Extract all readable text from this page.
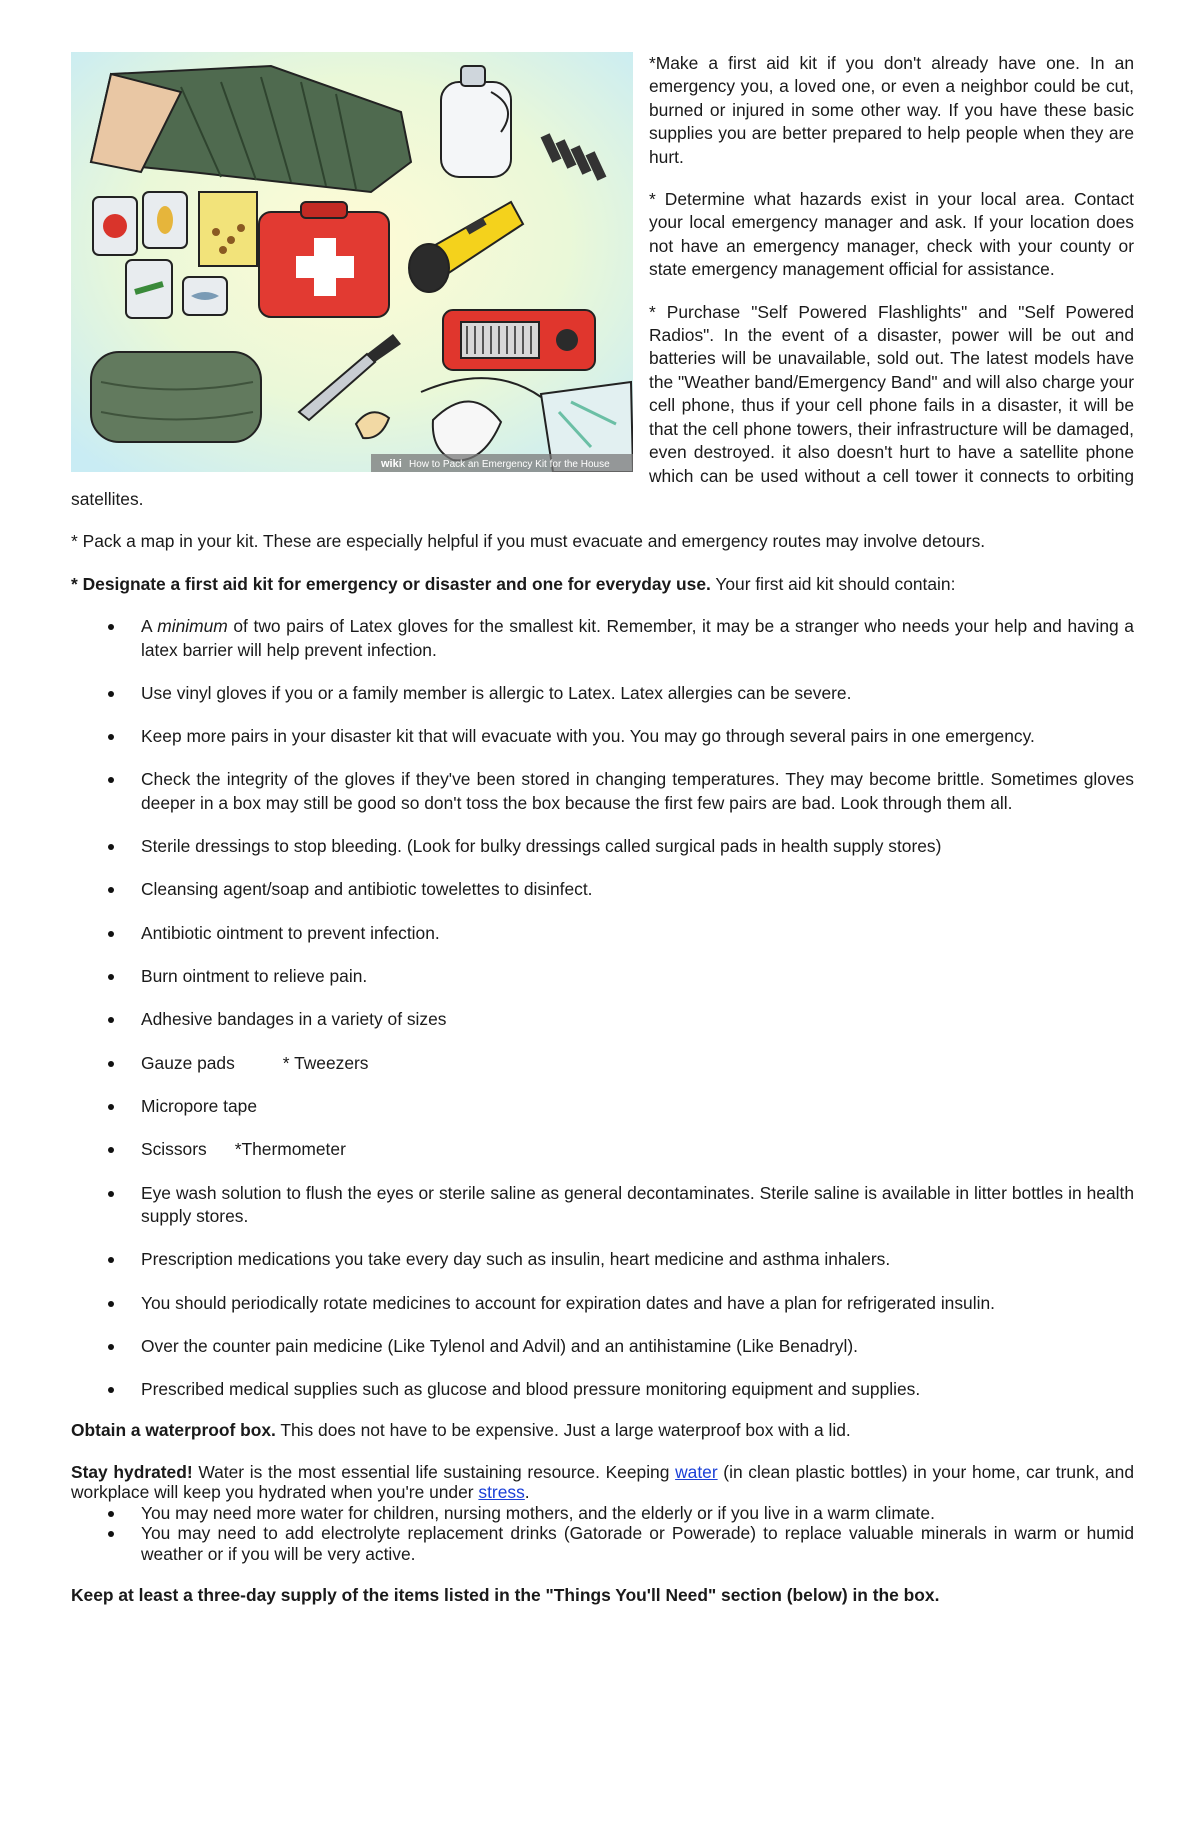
wiki How to Pack an Emergency Kit for the House

*Make a first aid kit if you don't already have one. In an emergency you, a loved one, or even a neighbor could be cut, burned or injured in some other way. If you have these basic supplies you are better prepared to help people when they are hurt.

* Determine what hazards exist in your local area. Contact your local emergency manager and ask. If your location does not have an emergency manager, check with your county or state emergency management official for assistance.

* Purchase "Self Powered Flashlights" and "Self Powered Radios". In the event of a disaster, power will be out and batteries will be unavailable, sold out. The latest models have the "Weather band/Emergency Band" and will also charge your cell phone, thus if your cell phone fails in a disaster, it will be that the cell phone towers, their infrastructure will be damaged, even destroyed. it also doesn't hurt to have a satellite phone which can be used without a cell tower it connects to orbiting satellites.

* Pack a map in your kit. These are especially helpful if you must evacuate and emergency routes may involve detours.

* Designate a first aid kit for emergency or disaster and one for everyday use. Your first aid kit should contain:

A minimum of two pairs of Latex gloves for the smallest kit. Remember, it may be a stranger who needs your help and having a latex barrier will help prevent infection.
Use vinyl gloves if you or a family member is allergic to Latex. Latex allergies can be severe.
Keep more pairs in your disaster kit that will evacuate with you. You may go through several pairs in one emergency.
Check the integrity of the gloves if they've been stored in changing temperatures. They may become brittle. Sometimes gloves deeper in a box may still be good so don't toss the box because the first few pairs are bad. Look through them all.
Sterile dressings to stop bleeding. (Look for bulky dressings called surgical pads in health supply stores)
Cleansing agent/soap and antibiotic towelettes to disinfect.
Antibiotic ointment to prevent infection.
Burn ointment to relieve pain.
Adhesive bandages in a variety of sizes
Gauze pads	* Tweezers
Micropore tape
Scissors *Thermometer
Eye wash solution to flush the eyes or sterile saline as general decontaminates. Sterile saline is available in litter bottles in health supply stores.
Prescription medications you take every day such as insulin, heart medicine and asthma inhalers.
You should periodically rotate medicines to account for expiration dates and have a plan for refrigerated insulin.
Over the counter pain medicine (Like Tylenol and Advil) and an antihistamine (Like Benadryl).
Prescribed medical supplies such as glucose and blood pressure monitoring equipment and supplies.

Obtain a waterproof box. This does not have to be expensive. Just a large waterproof box with a lid.

Stay hydrated! Water is the most essential life sustaining resource. Keeping water (in clean plastic bottles) in your home, car trunk, and workplace will keep you hydrated when you're under stress.

You may need more water for children, nursing mothers, and the elderly or if you live in a warm climate.
You may need to add electrolyte replacement drinks (Gatorade or Powerade) to replace valuable minerals in warm or humid weather or if you will be very active.

Keep at least a three-day supply of the items listed in the "Things You'll Need" section (below) in the box.
